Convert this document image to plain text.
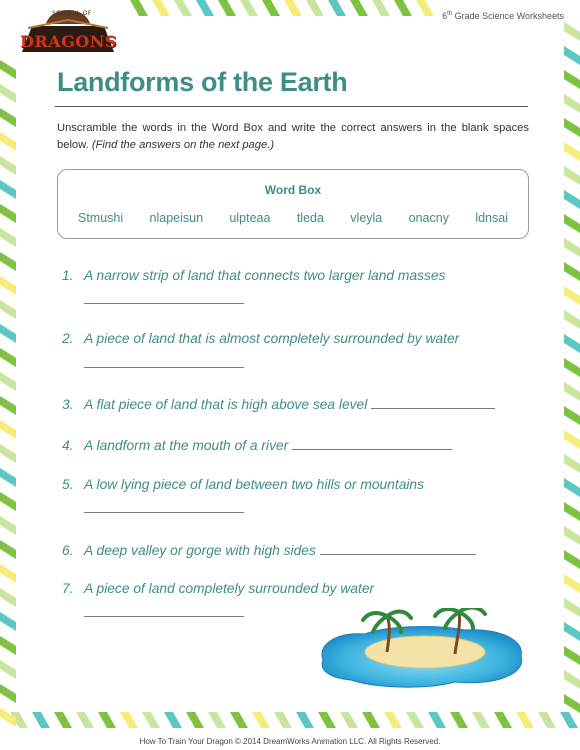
SCHOOL OF
DRAGONS
6th Grade Science Worksheets
Landforms of the Earth
Unscramble the words in the Word Box and write the correct answers in the blank spaces below. (Find the answers on the next page.)
Word Box
Stmushi nlapeisun ulpteaa tleda vleyla onacny ldnsai
1. A narrow strip of land that connects two larger land masses
2. A piece of land that is almost completely surrounded by water
3. A flat piece of land that is high above sea level
4. A landform at the mouth of a river
5. A low lying piece of land between two hills or mountains
6. A deep valley or gorge with high sides
7. A piece of land completely surrounded by water
How To Train Your Dragon © 2014 DreamWorks Animation LLC. All Rights Reserved.
